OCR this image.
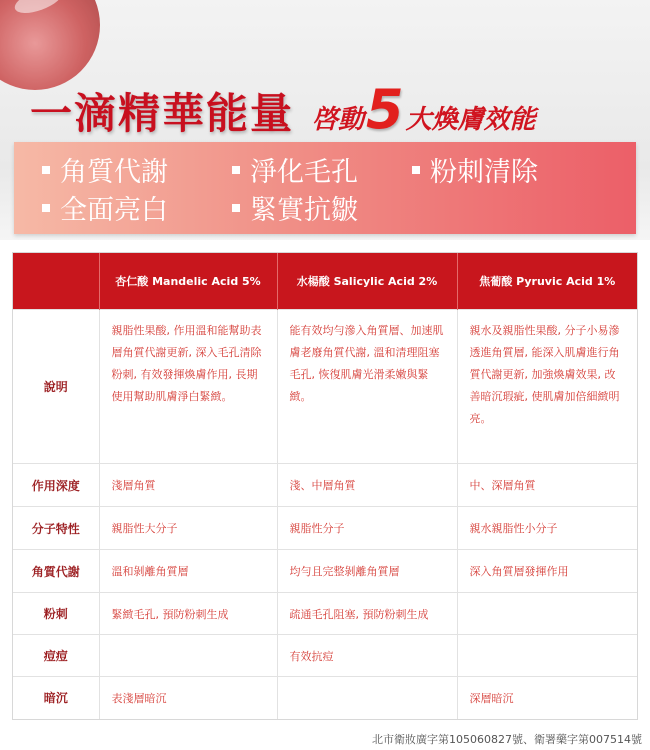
一滴精華能量 啓動 5 大煥膚效能
角質代謝	淨化毛孔	粉刺清除
全面亮白	緊實抗皺
	杏仁酸 Mandelic Acid 5%	水楊酸 Salicylic Acid 2%	焦葡酸 Pyruvic Acid 1%
說明	親脂性果酸, 作用溫和能幫助表層角質代謝更新, 深入毛孔清除粉刺, 有效發揮煥膚作用, 長期使用幫助肌膚淨白緊緻。	能有效均勻滲入角質層、加速肌膚老廢角質代謝, 溫和清理阻塞毛孔, 恢復肌膚光滑柔嫩與緊緻。	親水及親脂性果酸, 分子小易滲透進角質層, 能深入肌膚進行角質代謝更新, 加強煥膚效果, 改善暗沉瑕疵, 使肌膚加倍細緻明亮。
作用深度	淺層角質	淺、中層角質	中、深層角質
分子特性	親脂性大分子	親脂性分子	親水親脂性小分子
角質代謝	溫和剝離角質層	均勻且完整剝離角質層	深入角質層發揮作用
粉刺	緊緻毛孔, 預防粉刺生成	疏通毛孔阻塞, 預防粉刺生成	
痘痘		有效抗痘	
暗沉	表淺層暗沉		深層暗沉
北市衛妝廣字第105060827號、衛署藥字第007514號
